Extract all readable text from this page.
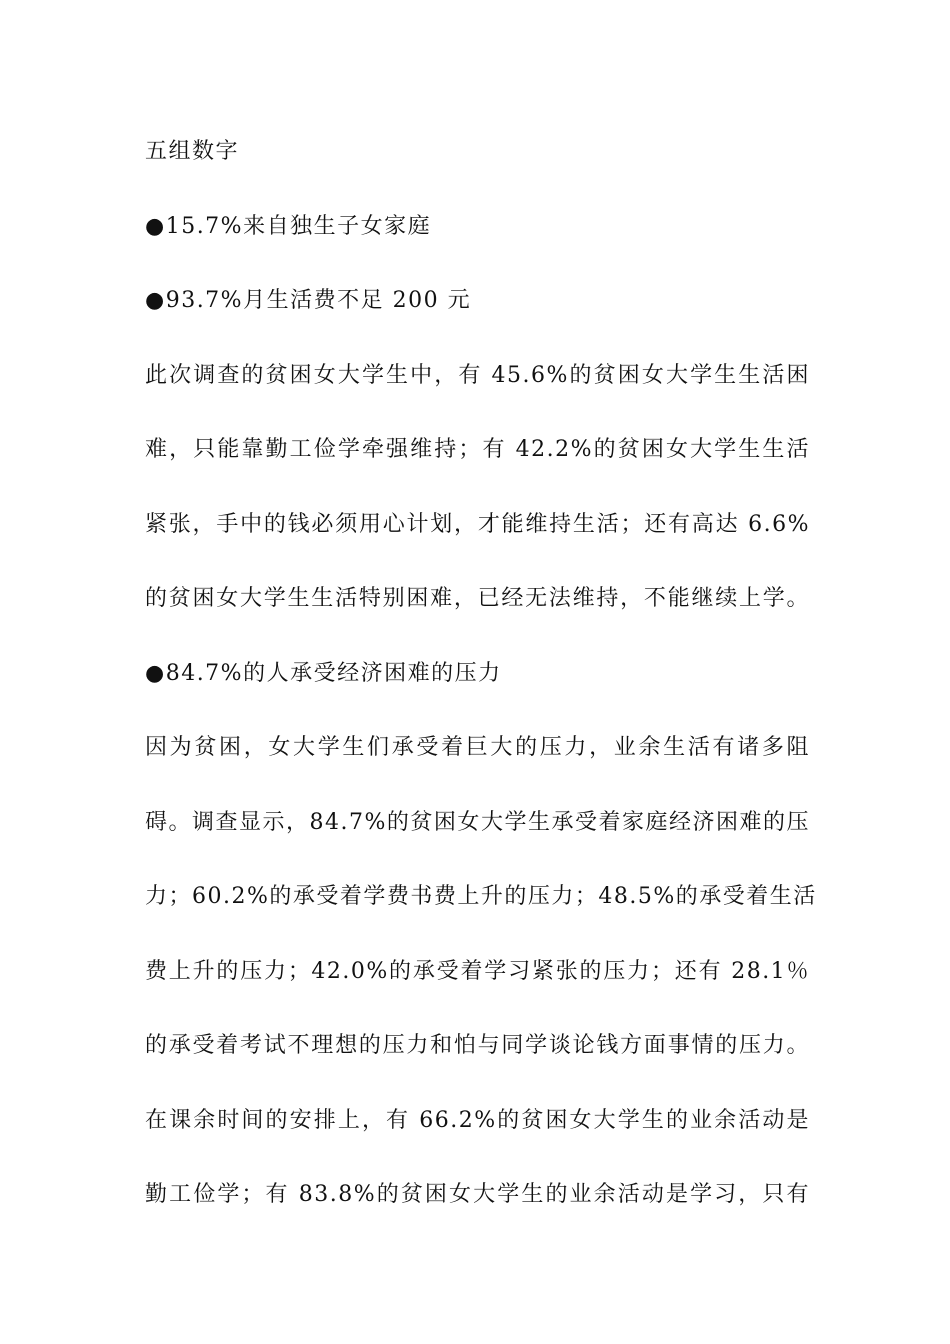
五组数字
●15.7%来自独生子女家庭
●93.7%月生活费不足 200 元
此次调查的贫困女大学生中，有 45.6%的贫困女大学生生活困
难，只能靠勤工俭学牵强维持；有 42.2%的贫困女大学生生活
紧张，手中的钱必须用心计划，才能维持生活；还有高达 6.6%
的贫困女大学生生活特别困难，已经无法维持，不能继续上学。
●84.7%的人承受经济困难的压力
因为贫困，女大学生们承受着巨大的压力，业余生活有诸多阻
碍。调查显示，84.7%的贫困女大学生承受着家庭经济困难的压
力；60.2%的承受着学费书费上升的压力；48.5%的承受着生活
费上升的压力；42.0%的承受着学习紧张的压力；还有 28.1％
的承受着考试不理想的压力和怕与同学谈论钱方面事情的压力。
在课余时间的安排上，有 66.2%的贫困女大学生的业余活动是
勤工俭学；有 83.8%的贫困女大学生的业余活动是学习，只有
